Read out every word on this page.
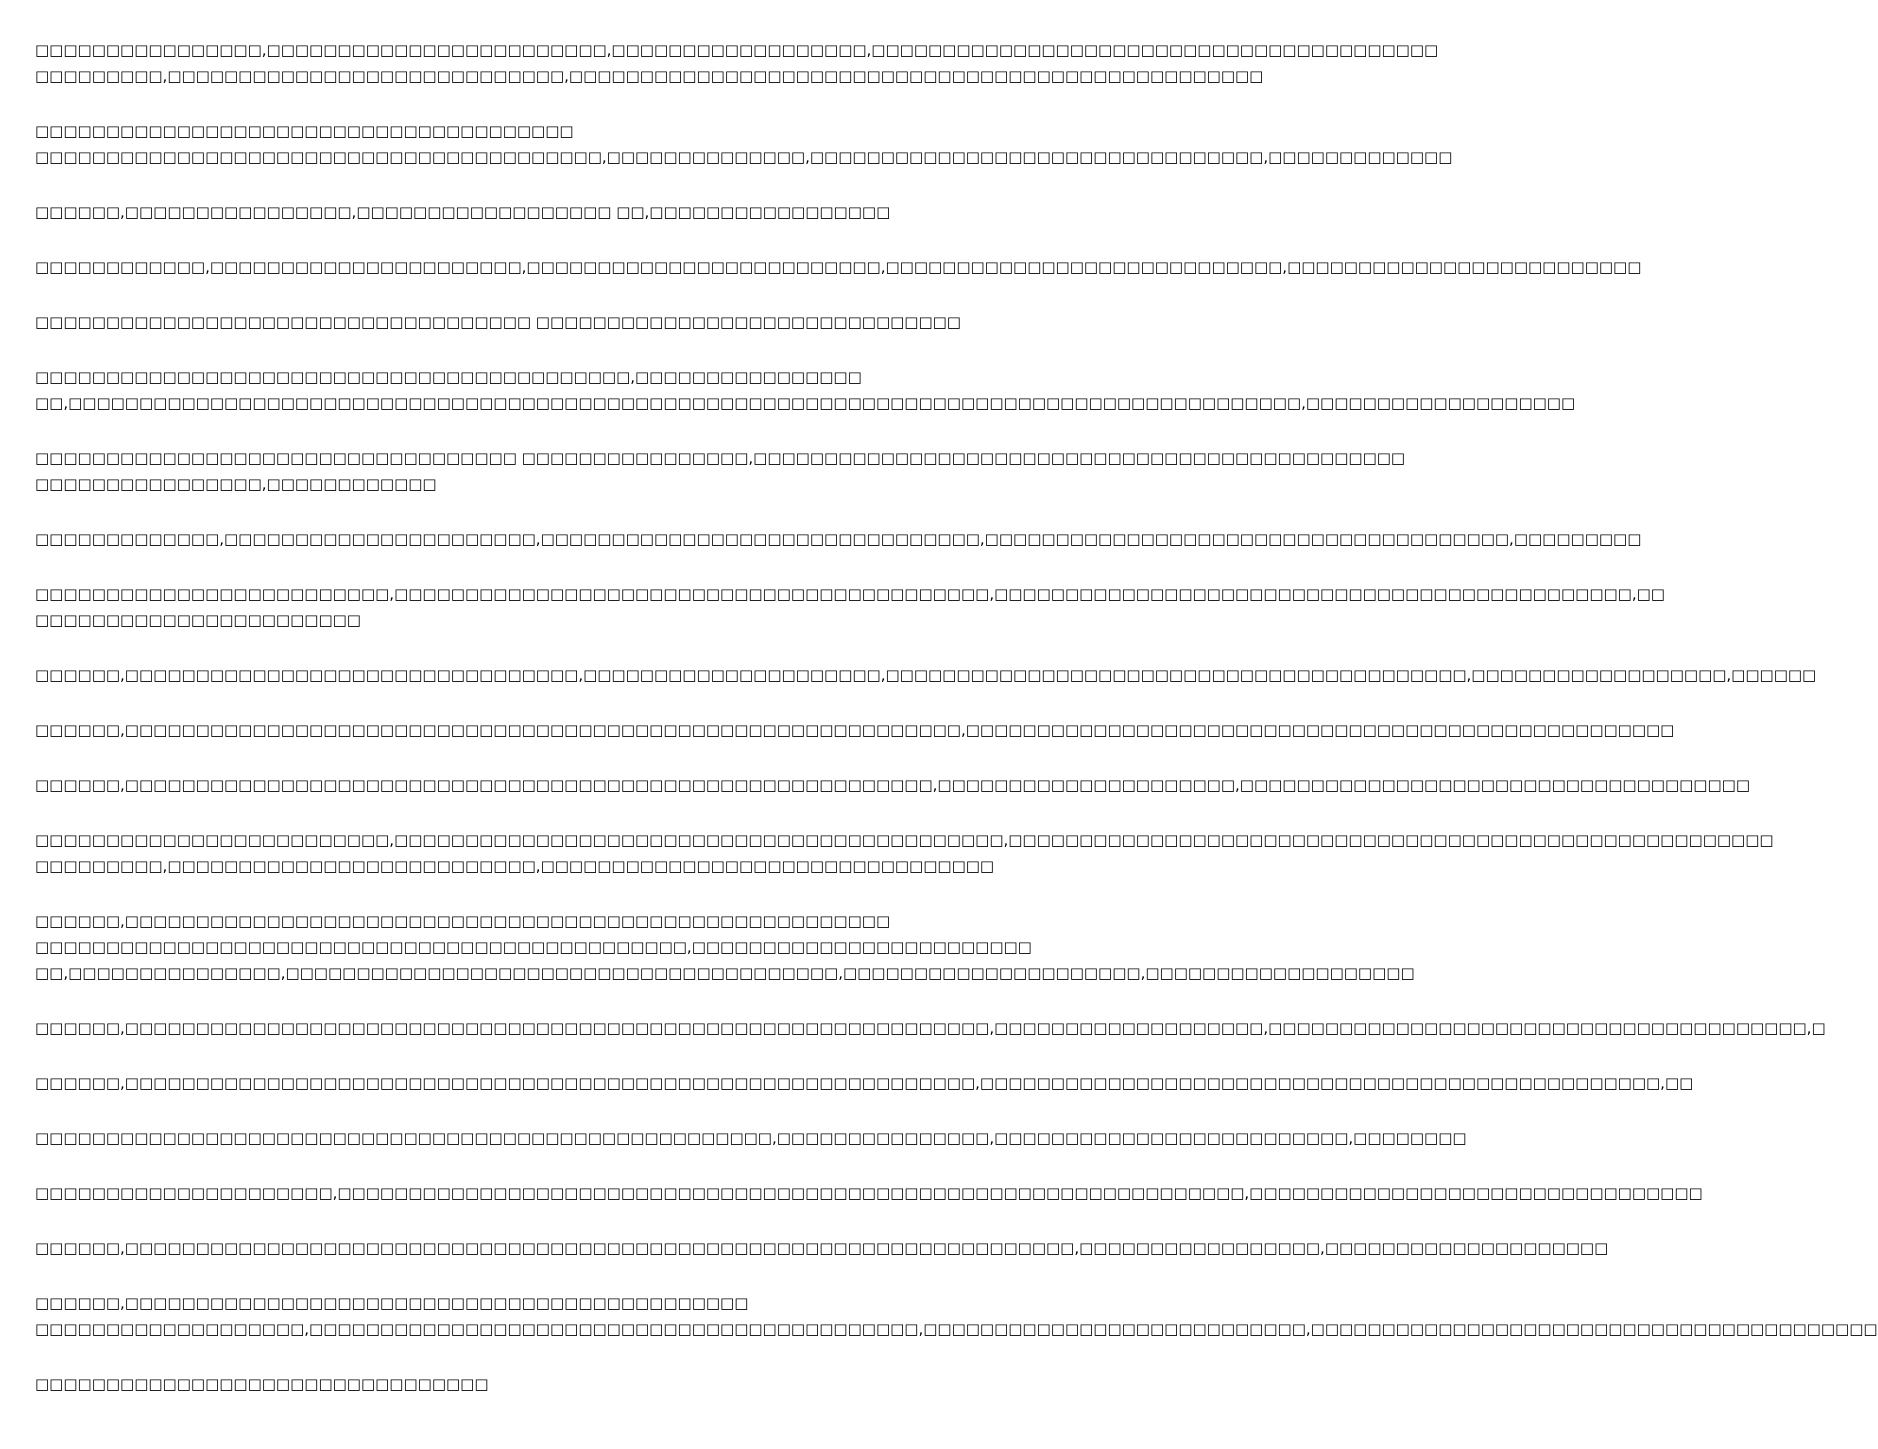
□□□□□□□□□□□□□□□□,□□□□□□□□□□□□□□□□□□□□□□□□,□□□□□□□□□□□□□□□□□□,□□□□□□□□□□□□□□□□□□□□□□□□□□□□□□□□□□□□□□□□
□□□□□□□□□,□□□□□□□□□□□□□□□□□□□□□□□□□□□□,□□□□□□□□□□□□□□□□□□□□□□□□□□□□□□□□□□□□□□□□□□□□□□□□□
□□□□□□□□□□□□□□□□□□□□□□□□□□□□□□□□□□□□□□
□□□□□□□□□□□□□□□□□□□□□□□□□□□□□□□□□□□□□□□□,□□□□□□□□□□□□□□,□□□□□□□□□□□□□□□□□□□□□□□□□□□□□□□□,□□□□□□□□□□□□□
□□□□□□,□□□□□□□□□□□□□□□□,□□□□□□□□□□□□□□□□□□ □□,□□□□□□□□□□□□□□□□□
□□□□□□□□□□□□,□□□□□□□□□□□□□□□□□□□□□□,□□□□□□□□□□□□□□□□□□□□□□□□□,□□□□□□□□□□□□□□□□□□□□□□□□□□□□,□□□□□□□□□□□□□□□□□□□□□□□□□
□□□□□□□□□□□□□□□□□□□□□□□□□□□□□□□□□□□ □□□□□□□□□□□□□□□□□□□□□□□□□□□□□□
□□□□□□□□□□□□□□□□□□□□□□□□□□□□□□□□□□□□□□□□□□,□□□□□□□□□□□□□□□□
□□,□□□□□□□□□□□□□□□□□□□□□□□□□□□□□□□□□□□□□□□□□□□□□□□□□□□□□□□□□□□□□□□□□□□□□□□□□□□□□□□□□□□□□□□,□□□□□□□□□□□□□□□□□□□
□□□□□□□□□□□□□□□□□□□□□□□□□□□□□□□□□□ □□□□□□□□□□□□□□□□,□□□□□□□□□□□□□□□□□□□□□□□□□□□□□□□□□□□□□□□□□□□□□□
□□□□□□□□□□□□□□□□,□□□□□□□□□□□□
□□□□□□□□□□□□□,□□□□□□□□□□□□□□□□□□□□□□,□□□□□□□□□□□□□□□□□□□□□□□□□□□□□□□,□□□□□□□□□□□□□□□□□□□□□□□□□□□□□□□□□□□□□,□□□□□□□□□
□□□□□□□□□□□□□□□□□□□□□□□□□,□□□□□□□□□□□□□□□□□□□□□□□□□□□□□□□□□□□□□□□□□□,□□□□□□□□□□□□□□□□□□□□□□□□□□□□□□□□□□□□□□□□□□□□□,□□
□□□□□□□□□□□□□□□□□□□□□□□
□□□□□□,□□□□□□□□□□□□□□□□□□□□□□□□□□□□□□□□,□□□□□□□□□□□□□□□□□□□□□,□□□□□□□□□□□□□□□□□□□□□□□□□□□□□□□□□□□□□□□□□,□□□□□□□□□□□□□□□□□□,□□□□□□
□□□□□□,□□□□□□□□□□□□□□□□□□□□□□□□□□□□□□□□□□□□□□□□□□□□□□□□□□□□□□□□□□□,□□□□□□□□□□□□□□□□□□□□□□□□□□□□□□□□□□□□□□□□□□□□□□□□□□
□□□□□□,□□□□□□□□□□□□□□□□□□□□□□□□□□□□□□□□□□□□□□□□□□□□□□□□□□□□□□□□□,□□□□□□□□□□□□□□□□□□□□□,□□□□□□□□□□□□□□□□□□□□□□□□□□□□□□□□□□□□
□□□□□□□□□□□□□□□□□□□□□□□□□,□□□□□□□□□□□□□□□□□□□□□□□□□□□□□□□□□□□□□□□□□□□,□□□□□□□□□□□□□□□□□□□□□□□□□□□□□□□□□□□□□□□□□□□□□□□□□□□□□□
□□□□□□□□□,□□□□□□□□□□□□□□□□□□□□□□□□□□,□□□□□□□□□□□□□□□□□□□□□□□□□□□□□□□□
□□□□□□,□□□□□□□□□□□□□□□□□□□□□□□□□□□□□□□□□□□□□□□□□□□□□□□□□□□□□□
□□□□□□□□□□□□□□□□□□□□□□□□□□□□□□□□□□□□□□□□□□□□□□,□□□□□□□□□□□□□□□□□□□□□□□□
□□,□□□□□□□□□□□□□□□,□□□□□□□□□□□□□□□□□□□□□□□□□□□□□□□□□□□□□□□,□□□□□□□□□□□□□□□□□□□□□,□□□□□□□□□□□□□□□□□□□
□□□□□□,□□□□□□□□□□□□□□□□□□□□□□□□□□□□□□□□□□□□□□□□□□□□□□□□□□□□□□□□□□□□□,□□□□□□□□□□□□□□□□□□□,□□□□□□□□□□□□□□□□□□□□□□□□□□□□□□□□□□□□□□,□
□□□□□□,□□□□□□□□□□□□□□□□□□□□□□□□□□□□□□□□□□□□□□□□□□□□□□□□□□□□□□□□□□□□,□□□□□□□□□□□□□□□□□□□□□□□□□□□□□□□□□□□□□□□□□□□□□□□□,□□
□□□□□□□□□□□□□□□□□□□□□□□□□□□□□□□□□□□□□□□□□□□□□□□□□□□□,□□□□□□□□□□□□□□□,□□□□□□□□□□□□□□□□□□□□□□□□□,□□□□□□□□
□□□□□□□□□□□□□□□□□□□□□,□□□□□□□□□□□□□□□□□□□□□□□□□□□□□□□□□□□□□□□□□□□□□□□□□□□□□□□□□□□□□□□□,□□□□□□□□□□□□□□□□□□□□□□□□□□□□□□□□
□□□□□□,□□□□□□□□□□□□□□□□□□□□□□□□□□□□□□□□□□□□□□□□□□□□□□□□□□□□□□□□□□□□□□□□□□□,□□□□□□□□□□□□□□□□□,□□□□□□□□□□□□□□□□□□□□
□□□□□□,□□□□□□□□□□□□□□□□□□□□□□□□□□□□□□□□□□□□□□□□□□□□
□□□□□□□□□□□□□□□□□□□,□□□□□□□□□□□□□□□□□□□□□□□□□□□□□□□□□□□□□□□□□□□,□□□□□□□□□□□□□□□□□□□□□□□□□□□,□□□□□□□□□□□□□□□□□□□□□□□□□□□□□□□□□□□□□□□□
□□□□□□□□□□□□□□□□□□□□□□□□□□□□□□□□
